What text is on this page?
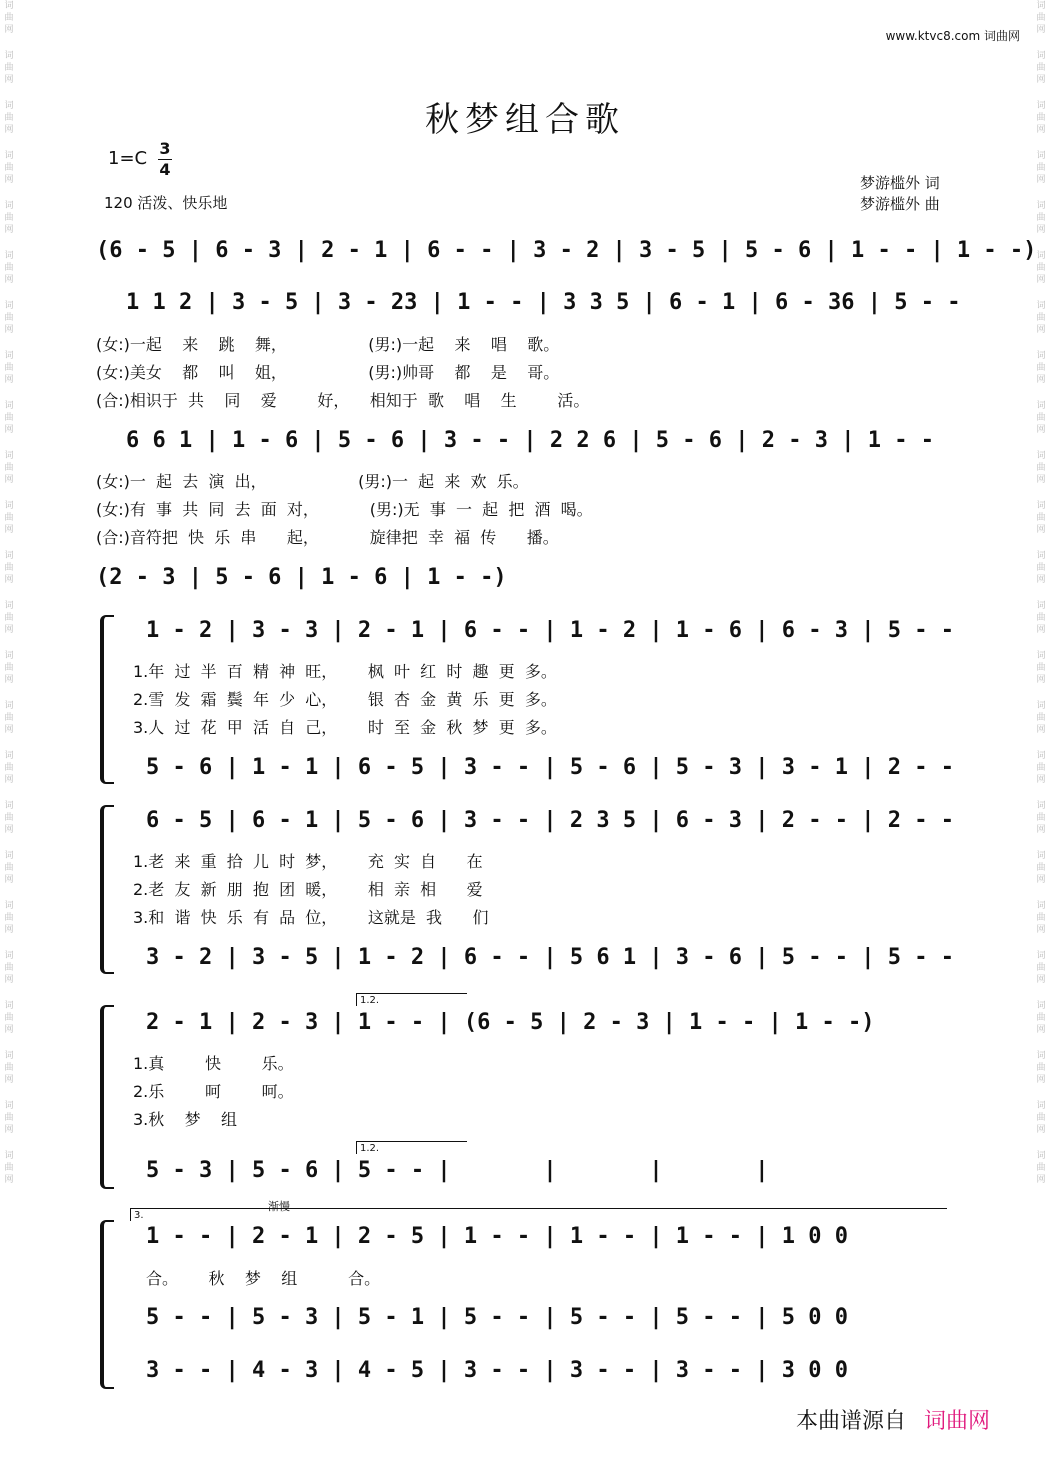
词
曲
网
词
曲
网
词
曲
网
词
曲
网
词
曲
网
词
曲
网
词
曲
网
词
曲
网
词
曲
网
词
曲
网
词
曲
网
词
曲
网
词
曲
网
词
曲
网
词
曲
网
词
曲
网
词
曲
网
词
曲
网
词
曲
网
词
曲
网
词
曲
网
词
曲
网
词
曲
网
词
曲
网
词
曲
网
词
曲
网
词
曲
网
词
曲
网
词
曲
网
词
曲
网
词
曲
网
词
曲
网
词
曲
网
词
曲
网
词
曲
网
词
曲
网
词
曲
网
词
曲
网
词
曲
网
词
曲
网
词
曲
网
词
曲
网
词
曲
网
词
曲
网
词
曲
网
词
曲
网
词
曲
网
词
曲
网
www.ktvc8.com 词曲网
秋梦组合歌
1=C 3
4
120 活泼、快乐地
梦游槛外 词
梦游槛外 曲
(6 - 5 | 6 - 3 | 2 - 1 | 6 - - | 3 - 2 | 3 - 5 | 5 - 6 | 1 - - | 1 - -)
1 1 2 | 3 - 5 | 3 - 23 | 1 - - | 3 3 5 | 6 - 1 | 6 - 36 | 5 - -
(女:)一起    来    跳    舞，                (男:)一起    来    唱    歌。
(女:)美女    都    叫    姐，                (男:)帅哥    都    是    哥。
(合:)相识于  共    同    爱        好，    相知于  歌    唱    生        活。
6 6 1 | 1 - 6 | 5 - 6 | 3 - - | 2 2 6 | 5 - 6 | 2 - 3 | 1 - -
(女:)一  起  去  演  出，                  (男:)一  起  来  欢  乐。
(女:)有  事  共  同  去  面  对，          (男:)无  事  一  起  把  酒  喝。
(合:)音符把  快  乐  串      起，          旋律把  幸  福  传      播。
(2 - 3 | 5 - 6 | 1 - 6 | 1 - -)
1 - 2 | 3 - 3 | 2 - 1 | 6 - - | 1 - 2 | 1 - 6 | 6 - 3 | 5 - -
1.年  过  半  百  精  神  旺，      枫  叶  红  时  趣  更  多。
2.雪  发  霜  鬓  年  少  心，      银  杏  金  黄  乐  更  多。
3.人  过  花  甲  活  自  己，      时  至  金  秋  梦  更  多。
5 - 6 | 1 - 1 | 6 - 5 | 3 - - | 5 - 6 | 5 - 3 | 3 - 1 | 2 - -
6 - 5 | 6 - 1 | 5 - 6 | 3 - - | 2 3 5 | 6 - 3 | 2 - - | 2 - -
1.老  来  重  拾  儿  时  梦，      充  实  自      在
2.老  友  新  朋  抱  团  暖，      相  亲  相      爱
3.和  谐  快  乐  有  品  位，      这就是  我      们
3 - 2 | 3 - 5 | 1 - 2 | 6 - - | 5 6 1 | 3 - 6 | 5 - - | 5 - -
1.2.
2 - 1 | 2 - 3 | 1 - - | (6 - 5 | 2 - 3 | 1 - - | 1 - -)
1.真        快        乐。
2.乐        呵        呵。
3.秋    梦    组
1.2.
5 - 3 | 5 - 6 | 5 - - |       |       |       |
3.
渐慢
1 - - | 2 - 1 | 2 - 5 | 1 - - | 1 - - | 1 - - | 1 0 0
合。      秋    梦    组          合。
5 - - | 5 - 3 | 5 - 1 | 5 - - | 5 - - | 5 - - | 5 0 0
3 - - | 4 - 3 | 4 - 5 | 3 - - | 3 - - | 3 - - | 3 0 0
本曲谱源自 词曲网
